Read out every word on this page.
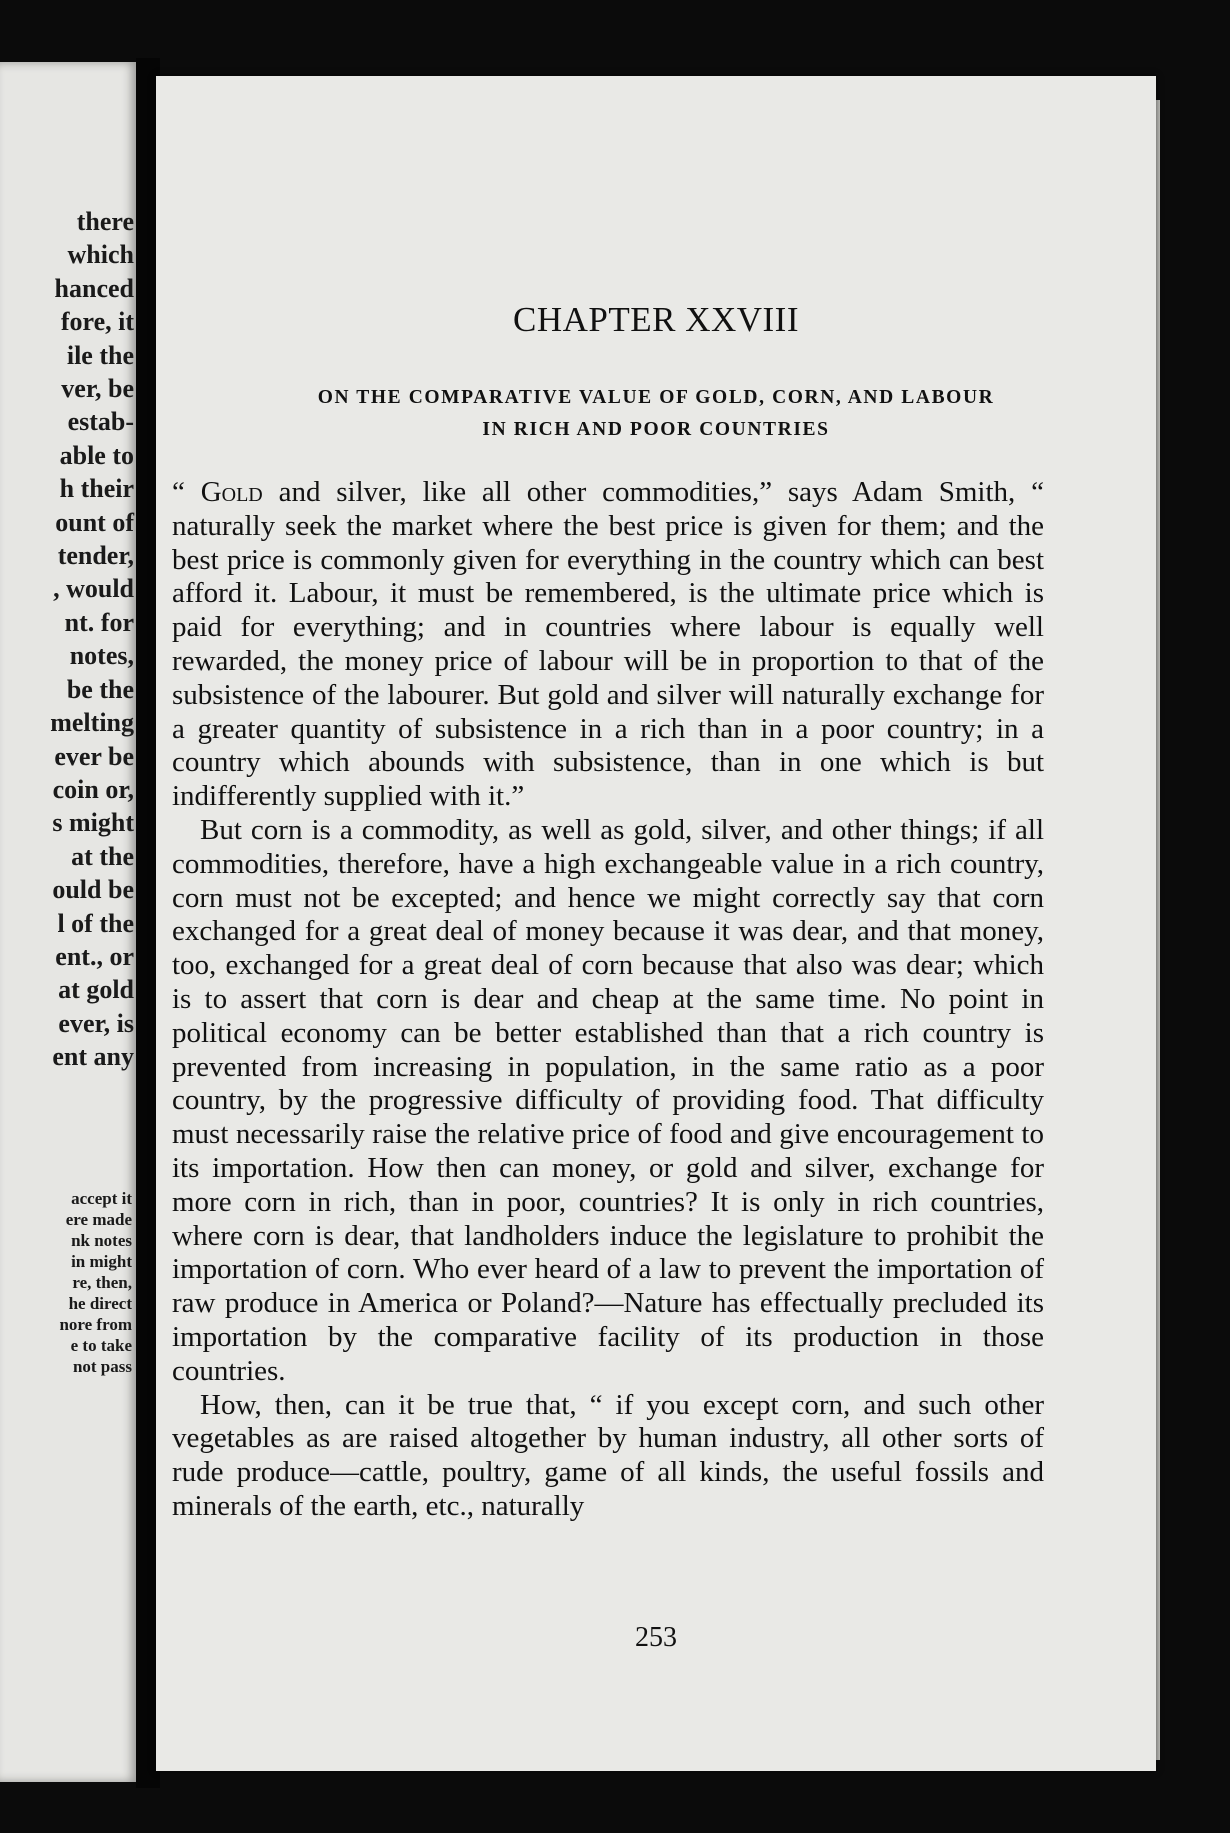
there
which
hanced
fore, it
ile the
ver, be
estab-
able to
h their
ount of
tender,
, would
nt. for
notes,
be the
melting
ever be
coin or,
s might
at the
ould be
l of the
ent., or
at gold
ever, is
ent any
accept it
ere made
nk notes
in might
re, then,
he direct
nore from
e to take
not pass
CHAPTER XXVIII
ON THE COMPARATIVE VALUE OF GOLD, CORN, AND LABOUR
IN RICH AND POOR COUNTRIES

“ Gold and silver, like all other commodities,” says Adam Smith, “ naturally seek the market where the best price is given for them; and the best price is commonly given for everything in the country which can best afford it. Labour, it must be remembered, is the ultimate price which is paid for everything; and in countries where labour is equally well rewarded, the money price of labour will be in proportion to that of the subsistence of the labourer. But gold and silver will naturally exchange for a greater quantity of subsistence in a rich than in a poor country; in a country which abounds with subsistence, than in one which is but indifferently supplied with it.”

But corn is a commodity, as well as gold, silver, and other things; if all commodities, therefore, have a high exchangeable value in a rich country, corn must not be excepted; and hence we might correctly say that corn exchanged for a great deal of money because it was dear, and that money, too, exchanged for a great deal of corn because that also was dear; which is to assert that corn is dear and cheap at the same time. No point in political economy can be better established than that a rich country is prevented from increasing in population, in the same ratio as a poor country, by the progressive difficulty of providing food. That difficulty must necessarily raise the relative price of food and give encouragement to its importation. How then can money, or gold and silver, exchange for more corn in rich, than in poor, countries? It is only in rich countries, where corn is dear, that landholders induce the legislature to prohibit the importation of corn. Who ever heard of a law to prevent the importation of raw produce in America or Poland?—Nature has effectually precluded its importation by the comparative facility of its production in those countries.

How, then, can it be true that, “ if you except corn, and such other vegetables as are raised altogether by human industry, all other sorts of rude produce—cattle, poultry, game of all kinds, the useful fossils and minerals of the earth, etc., naturally

253
